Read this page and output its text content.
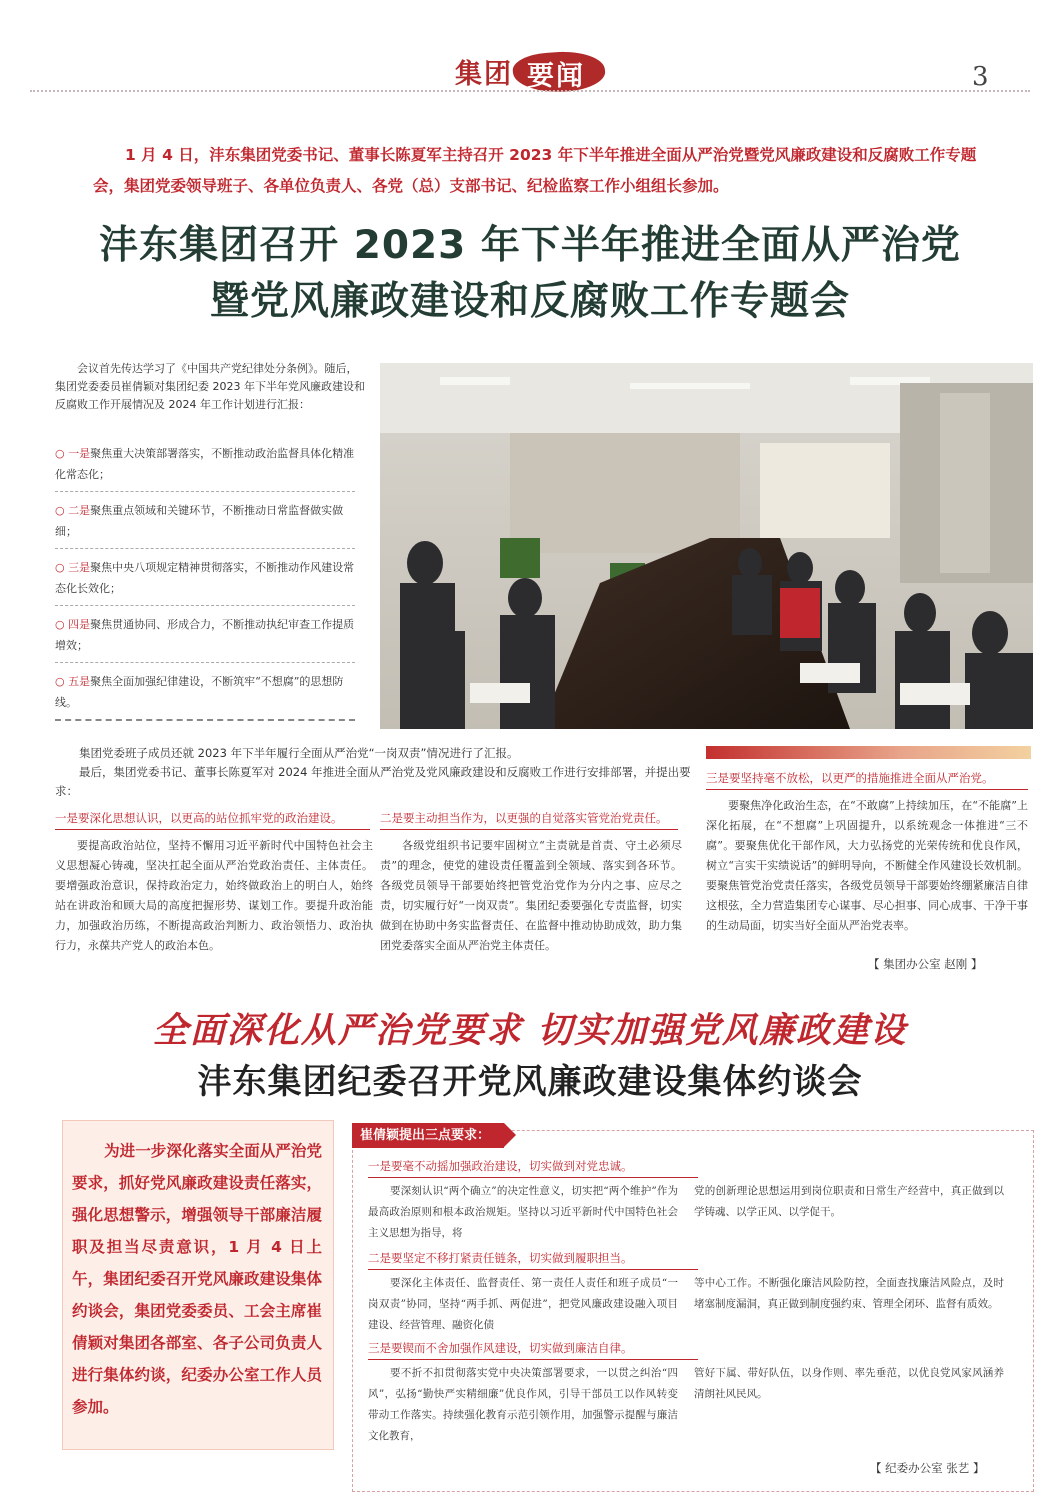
集团 要闻	3
1 月 4 日，沣东集团党委书记、董事长陈夏军主持召开 2023 年下半年推进全面从严治党暨党风廉政建设和反腐败工作专题会，集团党委领导班子、各单位负责人、各党（总）支部书记、纪检监察工作小组组长参加。
沣东集团召开 2023 年下半年推进全面从严治党
暨党风廉政建设和反腐败工作专题会
会议首先传达学习了《中国共产党纪律处分条例》。随后，集团党委委员崔倩颖对集团纪委 2023 年下半年党风廉政建设和反腐败工作开展情况及 2024 年工作计划进行汇报：
○ 一是聚焦重大决策部署落实，不断推动政治监督具体化精准化常态化；
○ 二是聚焦重点领域和关键环节，不断推动日常监督做实做细；
○ 三是聚焦中央八项规定精神贯彻落实，不断推动作风建设常态化长效化；
○ 四是聚焦贯通协同、形成合力，不断推动执纪审查工作提质增效；
○ 五是聚焦全面加强纪律建设，不断筑牢“不想腐”的思想防线。

集团党委班子成员还就 2023 年下半年履行全面从严治党“一岗双责”情况进行了汇报。

最后，集团党委书记、董事长陈夏军对 2024 年推进全面从严治党及党风廉政建设和反腐败工作进行安排部署，并提出要求：

一是要深化思想认识，以更高的站位抓牢党的政治建设。
要提高政治站位，坚持不懈用习近平新时代中国特色社会主义思想凝心铸魂，坚决扛起全面从严治党政治责任、主体责任。要增强政治意识，保持政治定力，始终做政治上的明白人，始终站在讲政治和顾大局的高度把握形势、谋划工作。要提升政治能力，加强政治历练，不断提高政治判断力、政治领悟力、政治执行力，永葆共产党人的政治本色。
二是要主动担当作为，以更强的自觉落实管党治党责任。
各级党组织书记要牢固树立“主责就是首责、守土必须尽责”的理念，使党的建设责任覆盖到全领域、落实到各环节。各级党员领导干部要始终把管党治党作为分内之事、应尽之责，切实履行好“一岗双责”。集团纪委要强化专责监督，切实做到在协助中务实监督责任、在监督中推动协助成效，助力集团党委落实全面从严治党主体责任。
三是要坚持毫不放松，以更严的措施推进全面从严治党。
要聚焦净化政治生态，在“不敢腐”上持续加压，在“不能腐”上深化拓展，在“不想腐”上巩固提升，以系统观念一体推进“三不腐”。要聚焦优化干部作风，大力弘扬党的光荣传统和优良作风，树立“言实干实绩说话”的鲜明导向，不断健全作风建设长效机制。要聚焦管党治党责任落实，各级党员领导干部要始终绷紧廉洁自律这根弦，全力营造集团专心谋事、尽心担事、同心成事、干净干事的生动局面，切实当好全面从严治党表率。
【 集团办公室 赵刚 】
全面深化从严治党要求 切实加强党风廉政建设
沣东集团纪委召开党风廉政建设集体约谈会
为进一步深化落实全面从严治党要求，抓好党风廉政建设责任落实，强化思想警示，增强领导干部廉洁履职及担当尽责意识，1 月 4 日上午，集团纪委召开党风廉政建设集体约谈会，集团党委委员、工会主席崔倩颖对集团各部室、各子公司负责人进行集体约谈，纪委办公室工作人员参加。
崔倩颖提出三点要求：
一是要毫不动摇加强政治建设，切实做到对党忠诚。
要深刻认识“两个确立”的决定性意义，切实把“两个维护”作为最高政治原则和根本政治规矩。坚持以习近平新时代中国特色社会主义思想为指导，将
党的创新理论思想运用到岗位职责和日常生产经营中，真正做到以学铸魂、以学正风、以学促干。
二是要坚定不移打紧责任链条，切实做到履职担当。
要深化主体责任、监督责任、第一责任人责任和班子成员“一岗双责”协同，坚持“两手抓、两促进”，把党风廉政建设融入项目建设、经营管理、融资化债
等中心工作。不断强化廉洁风险防控，全面查找廉洁风险点，及时堵塞制度漏洞，真正做到制度强约束、管理全闭环、监督有质效。
三是要锲而不舍加强作风建设，切实做到廉洁自律。
要不折不扣贯彻落实党中央决策部署要求，一以贯之纠治“四风”，弘扬“勤快严实精细廉”优良作风，引导干部员工以作风转变带动工作落实。持续强化教育示范引领作用，加强警示提醒与廉洁文化教育，
管好下属、带好队伍，以身作则、率先垂范，以优良党风家风涵养清朗社风民风。
【 纪委办公室 张艺 】
